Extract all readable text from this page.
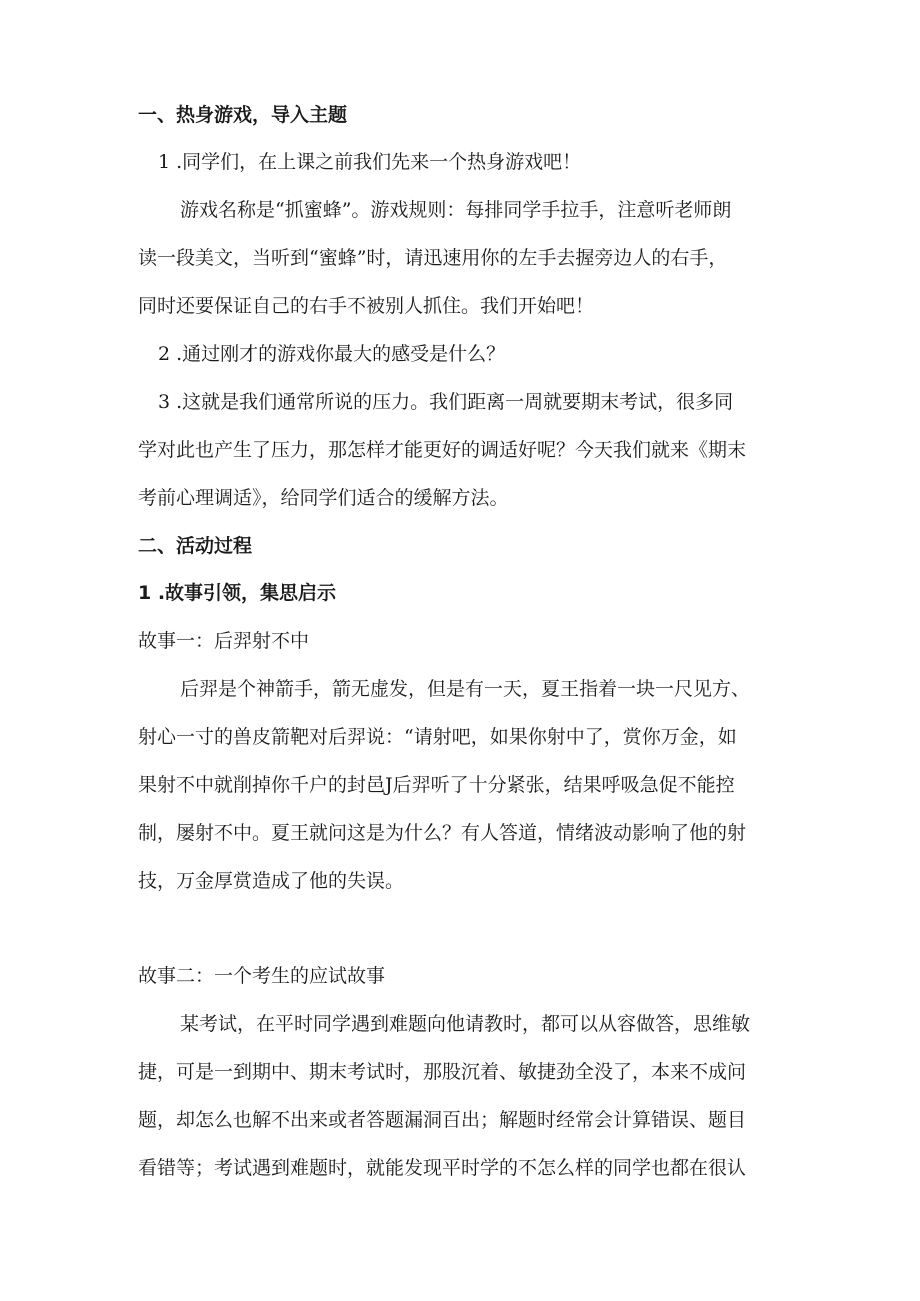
一、热身游戏，导入主题
1 .同学们，在上课之前我们先来一个热身游戏吧！
游戏名称是“抓蜜蜂”。游戏规则：每排同学手拉手，注意听老师朗
读一段美文，当听到“蜜蜂”时，请迅速用你的左手去握旁边人的右手，
同时还要保证自己的右手不被别人抓住。我们开始吧！
2 .通过刚才的游戏你最大的感受是什么？
3 .这就是我们通常所说的压力。我们距离一周就要期末考试，很多同
学对此也产生了压力，那怎样才能更好的调适好呢？今天我们就来《期末
考前心理调适》，给同学们适合的缓解方法。
二、活动过程
1 .故事引领，集思启示
故事一：后羿射不中
后羿是个神箭手，箭无虚发，但是有一天，夏王指着一块一尺见方、
射心一寸的兽皮箭靶对后羿说：“请射吧，如果你射中了，赏你万金，如
果射不中就削掉你千户的封邑J后羿听了十分紧张，结果呼吸急促不能控
制，屡射不中。夏王就问这是为什么？有人答道，情绪波动影响了他的射
技，万金厚赏造成了他的失误。
故事二：一个考生的应试故事
某考试，在平时同学遇到难题向他请教时，都可以从容做答，思维敏
捷，可是一到期中、期末考试时，那股沉着、敏捷劲全没了，本来不成问
题，却怎么也解不出来或者答题漏洞百出；解题时经常会计算错误、题目
看错等；考试遇到难题时，就能发现平时学的不怎么样的同学也都在很认
